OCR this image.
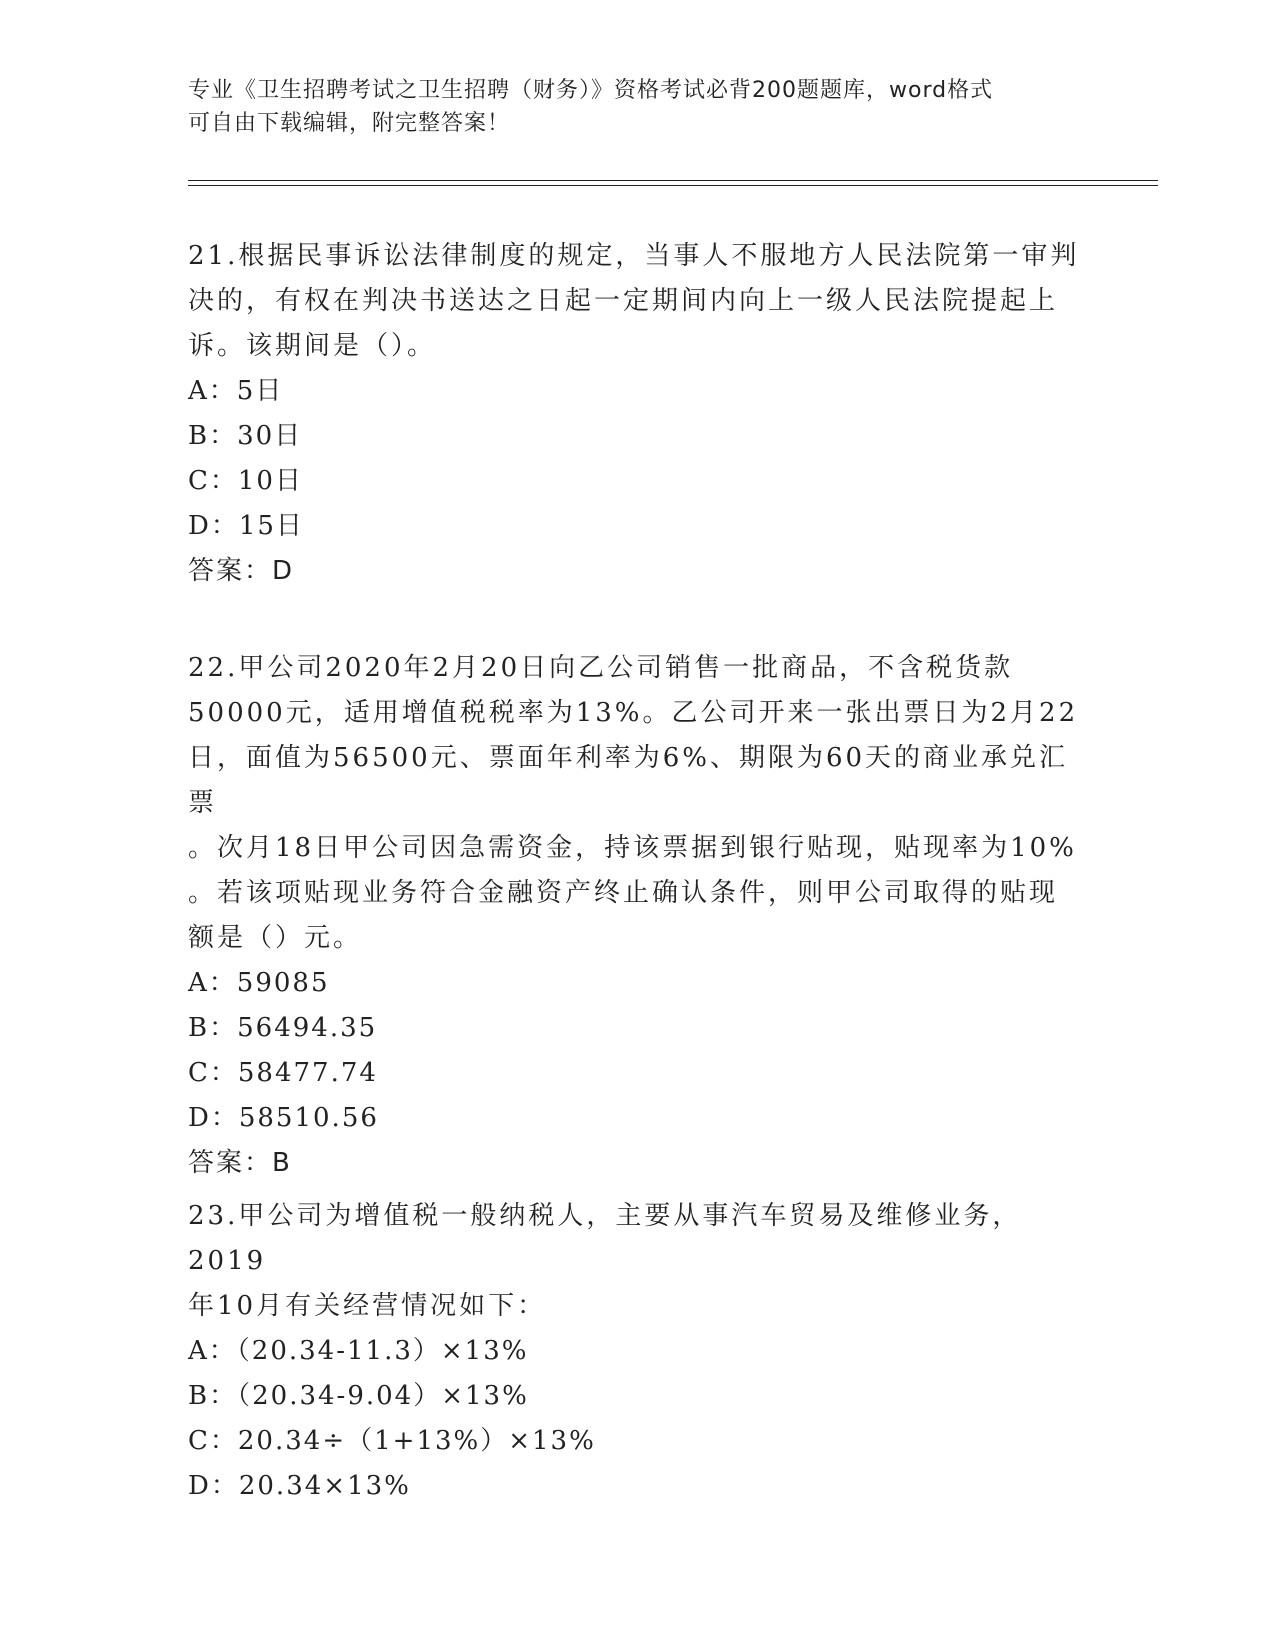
专业《卫生招聘考试之卫生招聘（财务）》资格考试必背200题题库，word格式
可自由下载编辑，附完整答案！

21.根据民事诉讼法律制度的规定，当事人不服地方人民法院第一审判

决的，有权在判决书送达之日起一定期间内向上一级人民法院提起上

诉。该期间是（）。

A：5日

B：30日

C：10日

D：15日

答案：D

22.甲公司2020年2月20日向乙公司销售一批商品，不含税货款

50000元，适用增值税税率为13%。乙公司开来一张出票日为2月22

日，面值为56500元、票面年利率为6%、期限为60天的商业承兑汇票

。次月18日甲公司因急需资金，持该票据到银行贴现，贴现率为10%

。若该项贴现业务符合金融资产终止确认条件，则甲公司取得的贴现

额是（）元。

A：59085

B：56494.35

C：58477.74

D：58510.56

答案：B

23.甲公司为增值税一般纳税人，主要从事汽车贸易及维修业务，2019

年10月有关经营情况如下：

A：（20.34-11.3）×13%

B：（20.34-9.04）×13%

C：20.34÷（1+13%）×13%

D：20.34×13%
